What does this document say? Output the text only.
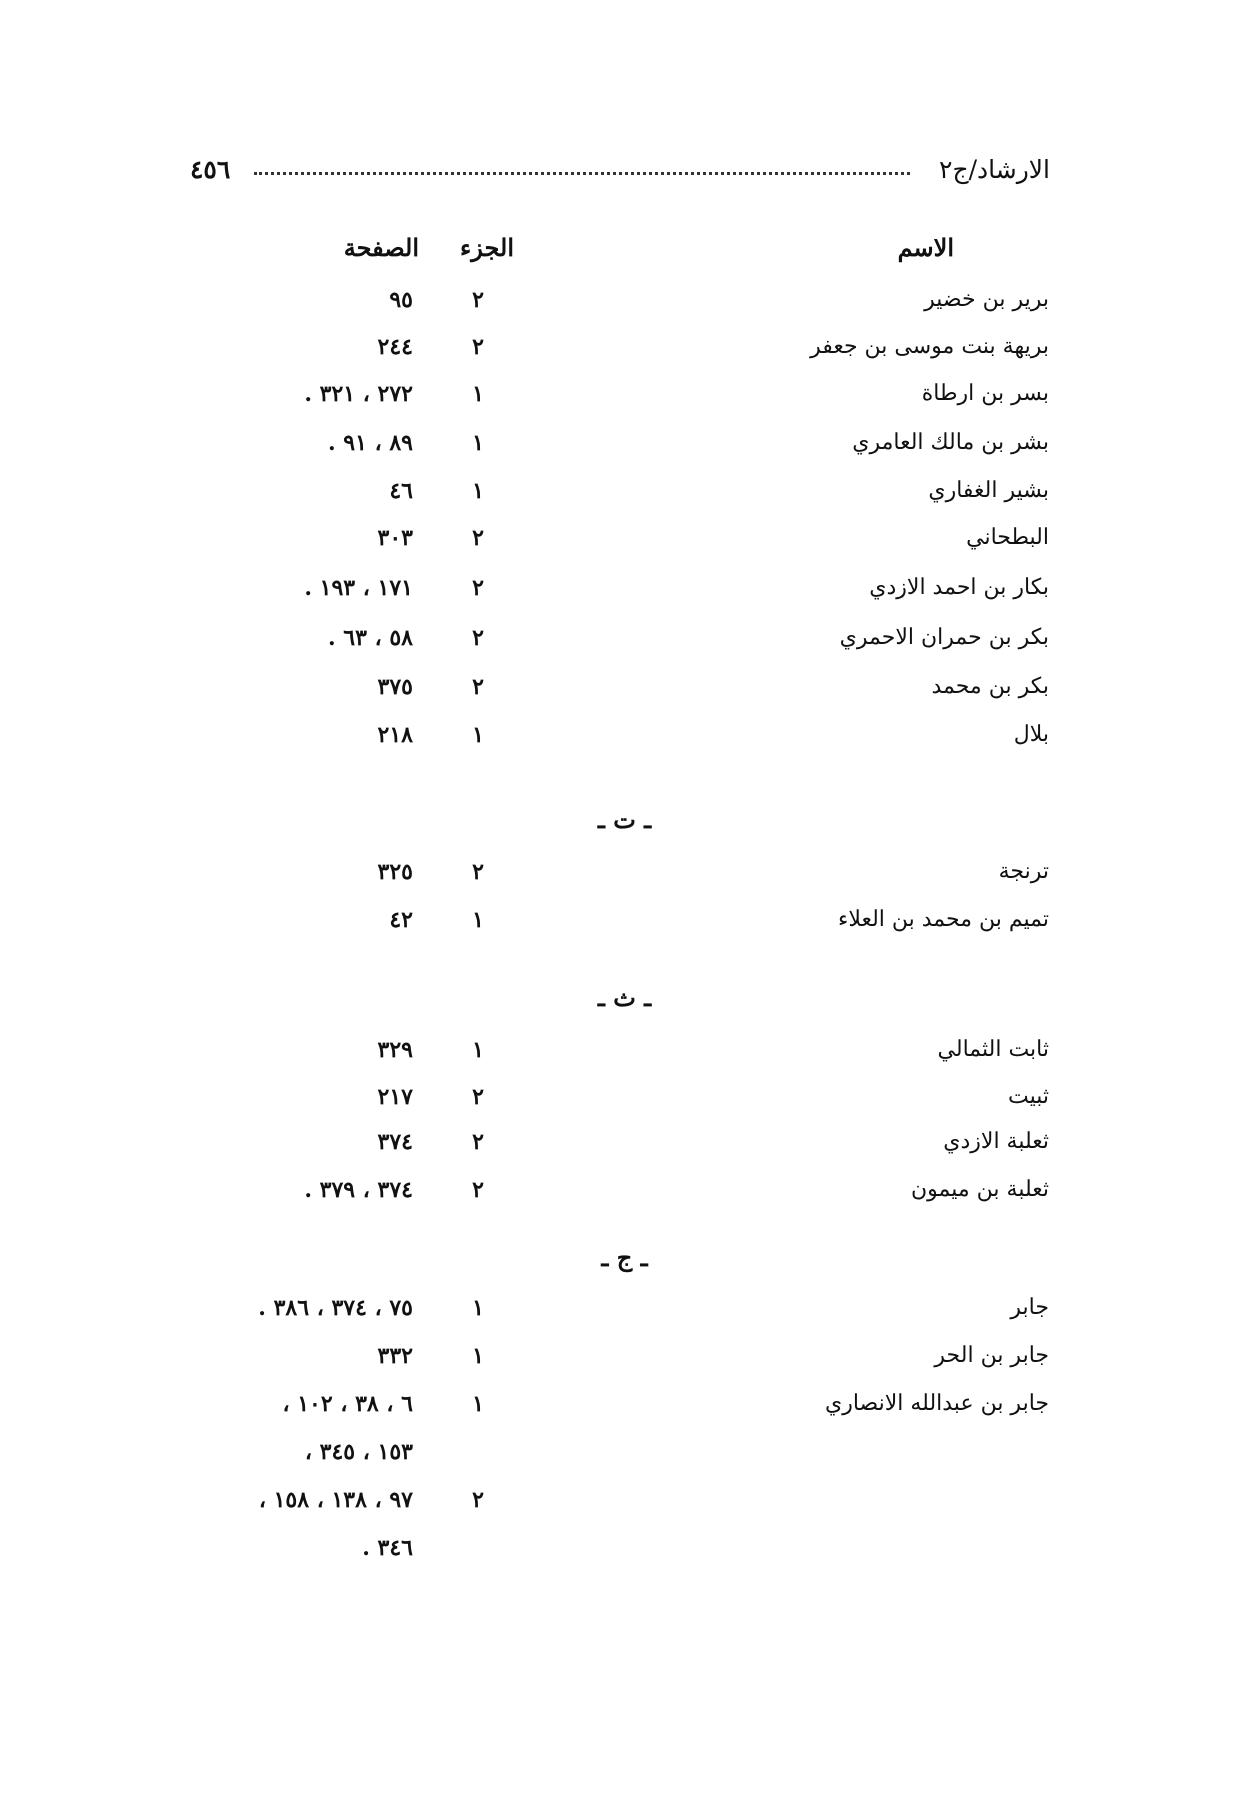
الارشاد/ج٢
٤٥٦
الاسم
الجزء
الصفحة
برير بن خضير
٢
٩٥
بريهة بنت موسى بن جعفر
٢
٢٤٤
بسر بن ارطاة
١
٢٧٢ ، ٣٢١ .
بشر بن مالك العامري
١
٨٩ ، ٩١ .
بشير الغفاري
١
٤٦
البطحاني
٢
٣٠٣
بكار بن احمد الازدي
٢
١٧١ ، ١٩٣ .
بكر بن حمران الاحمري
٢
٥٨ ، ٦٣ .
بكر بن محمد
٢
٣٧٥
بلال
١
٢١٨
ـ ت ـ
ترنجة
٢
٣٢٥
تميم بن محمد بن العلاء
١
٤٢
ـ ث ـ
ثابت الثمالي
١
٣٢٩
ثبيت
٢
٢١٧
ثعلبة الازدي
٢
٣٧٤
ثعلبة بن ميمون
٢
٣٧٤ ، ٣٧٩ .
ـ ج ـ
جابر
١
٧٥ ، ٣٧٤ ، ٣٨٦ .
جابر بن الحر
١
٣٣٢
جابر بن عبدالله الانصاري
١
٦ ، ٣٨ ، ١٠٢ ،
١٥٣ ، ٣٤٥ ،
٢
٩٧ ، ١٣٨ ، ١٥٨ ،
٣٤٦ .
